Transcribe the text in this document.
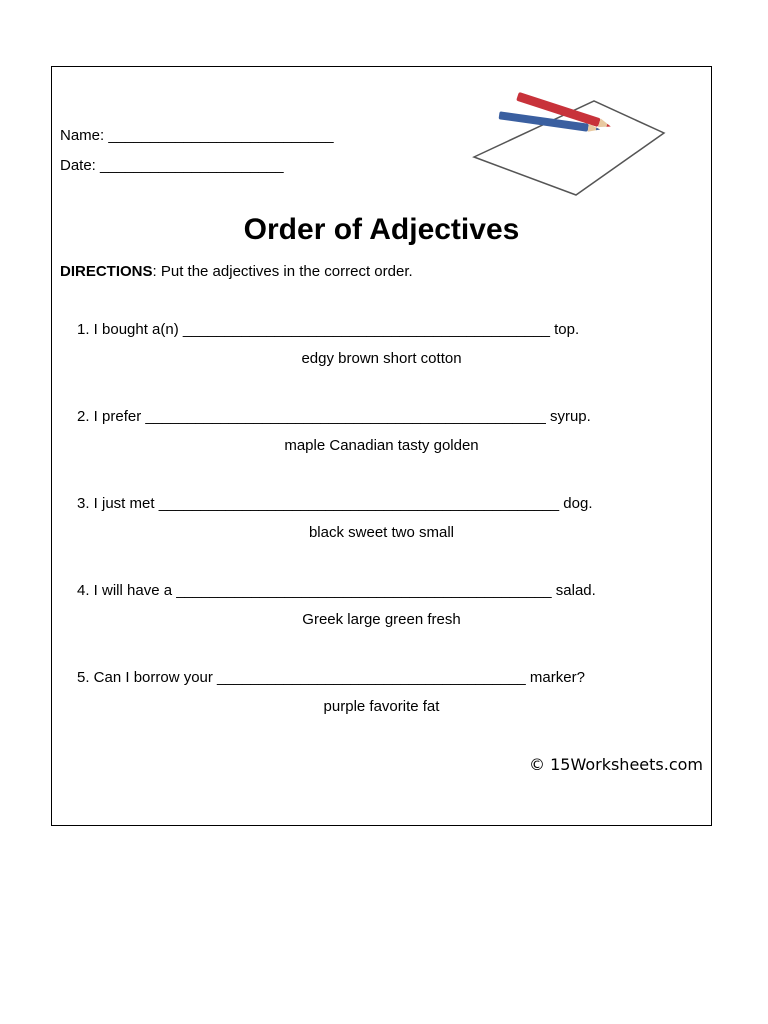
Name: ___________________________
Date: ______________________
Order of Adjectives
DIRECTIONS: Put the adjectives in the correct order.
1. I bought a(n) ____________________________________________ top.
edgy brown short cotton
2. I prefer ________________________________________________ syrup.
maple Canadian tasty golden
3. I just met ________________________________________________ dog.
black sweet two small
4. I will have a _____________________________________________ salad.
Greek large green fresh
5. Can I borrow your _____________________________________ marker?
purple favorite fat
© 15Worksheets.com
